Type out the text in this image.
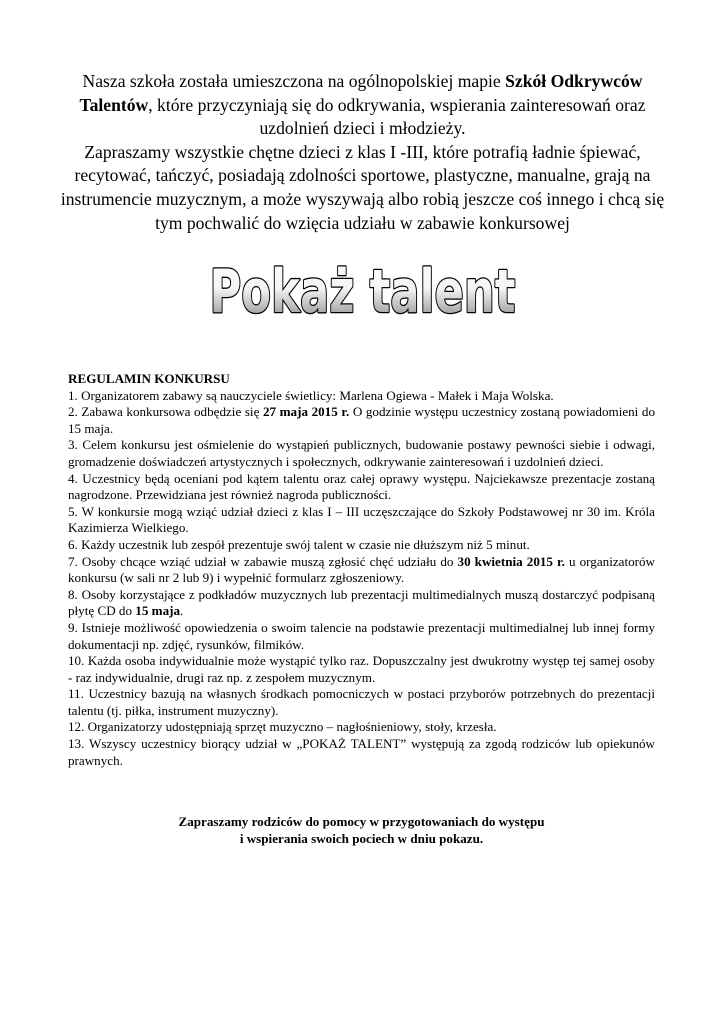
Nasza szkoła została umieszczona na ogólnopolskiej mapie Szkół Odkrywców

Talentów, które przyczyniają się do odkrywania, wspierania zainteresowań oraz

uzdolnień dzieci i młodzieży.

Zapraszamy wszystkie chętne dzieci z klas I -III, które potrafią ładnie śpiewać,

recytować, tańczyć, posiadają zdolności sportowe, plastyczne, manualne, grają na

instrumencie muzycznym, a może wyszywają albo robią jeszcze coś innego i chcą się

tym pochwalić do wzięcia udziału w zabawie konkursowej

Pokaż talent

REGULAMIN KONKURSU

1. Organizatorem zabawy są nauczyciele świetlicy: Marlena Ogiewa - Małek i Maja Wolska.

2. Zabawa konkursowa odbędzie się 27 maja 2015 r. O godzinie występu uczestnicy zostaną powiadomieni do 15 maja.

3. Celem konkursu jest ośmielenie do wystąpień publicznych, budowanie postawy pewności siebie i odwagi, gromadzenie doświadczeń artystycznych i społecznych, odkrywanie zainteresowań i uzdolnień dzieci.

4. Uczestnicy będą oceniani pod kątem talentu oraz całej oprawy występu. Najciekawsze prezentacje zostaną nagrodzone. Przewidziana jest również nagroda publiczności.

5. W konkursie mogą wziąć udział dzieci z klas I – III uczęszczające do Szkoły Podstawowej nr 30 im. Króla Kazimierza Wielkiego.

6. Każdy uczestnik lub zespół prezentuje swój talent w czasie nie dłuższym niż 5 minut.

7. Osoby chcące wziąć udział w zabawie muszą zgłosić chęć udziału do 30 kwietnia 2015 r. u organizatorów konkursu (w sali nr 2 lub 9) i wypełnić formularz zgłoszeniowy.

8. Osoby korzystające z podkładów muzycznych lub prezentacji multimedialnych muszą dostarczyć podpisaną płytę CD do 15 maja.

9. Istnieje możliwość opowiedzenia o swoim talencie na podstawie prezentacji multimedialnej lub innej formy dokumentacji np. zdjęć, rysunków, filmików.

10. Każda osoba indywidualnie może wystąpić tylko raz. Dopuszczalny jest dwukrotny występ tej samej osoby - raz indywidualnie, drugi raz np. z zespołem muzycznym.

11. Uczestnicy bazują na własnych środkach pomocniczych w postaci przyborów potrzebnych do prezentacji talentu (tj. piłka, instrument muzyczny).

12. Organizatorzy udostępniają sprzęt muzyczno – nagłośnieniowy, stoły, krzesła.

13. Wszyscy uczestnicy biorący udział w „POKAŻ TALENT” występują za zgodą rodziców lub opiekunów prawnych.

Zapraszamy rodziców do pomocy w przygotowaniach do występu

i wspierania swoich pociech w dniu pokazu.
